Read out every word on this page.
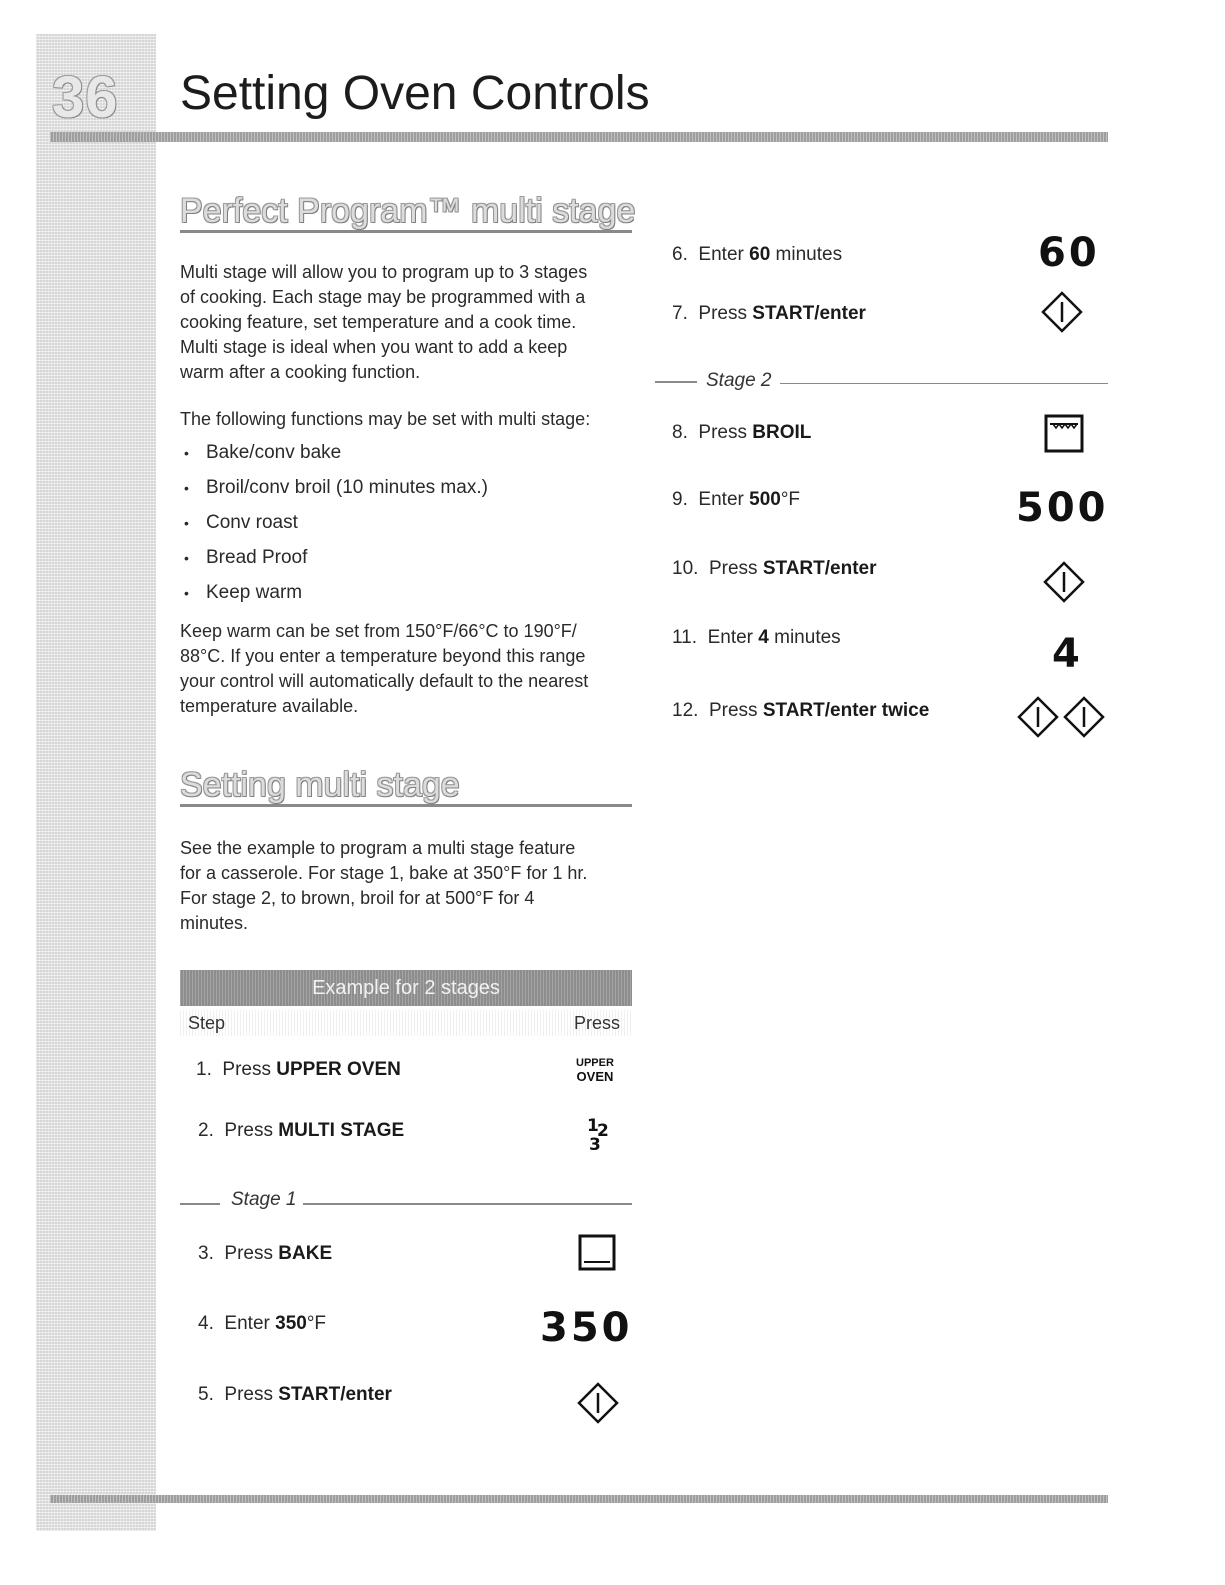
36 Setting Oven Controls
Perfect Program™ multi stage
Multi stage will allow you to program up to 3 stages
of cooking. Each stage may be programmed with a
cooking feature, set temperature and a cook time.
Multi stage is ideal when you want to add a keep
warm after a cooking function.
The following functions may be set with multi stage:
• Bake/conv bake
• Broil/conv broil (10 minutes max.)
• Conv roast
• Bread Proof
• Keep warm
Keep warm can be set from 150°F/66°C to 190°F/
88°C. If you enter a temperature beyond this range
your control will automatically default to the nearest
temperature available.
Setting multi stage
See the example to program a multi stage feature
for a casserole. For stage 1, bake at 350°F for 1 hr.
For stage 2, to brown, broil for at 500°F for 4
minutes.
Example for 2 stages
Step	Press
1. Press UPPER OVEN	UPPER
OVEN
2. Press MULTI STAGE	1
2
3
Stage 1
3. Press BAKE
4. Enter 350°F	350
5. Press START/enter
6. Enter 60 minutes	60
7. Press START/enter
Stage 2
8. Press BROIL
9. Enter 500°F	500
10. Press START/enter
11. Enter 4 minutes	4
12. Press START/enter twice
